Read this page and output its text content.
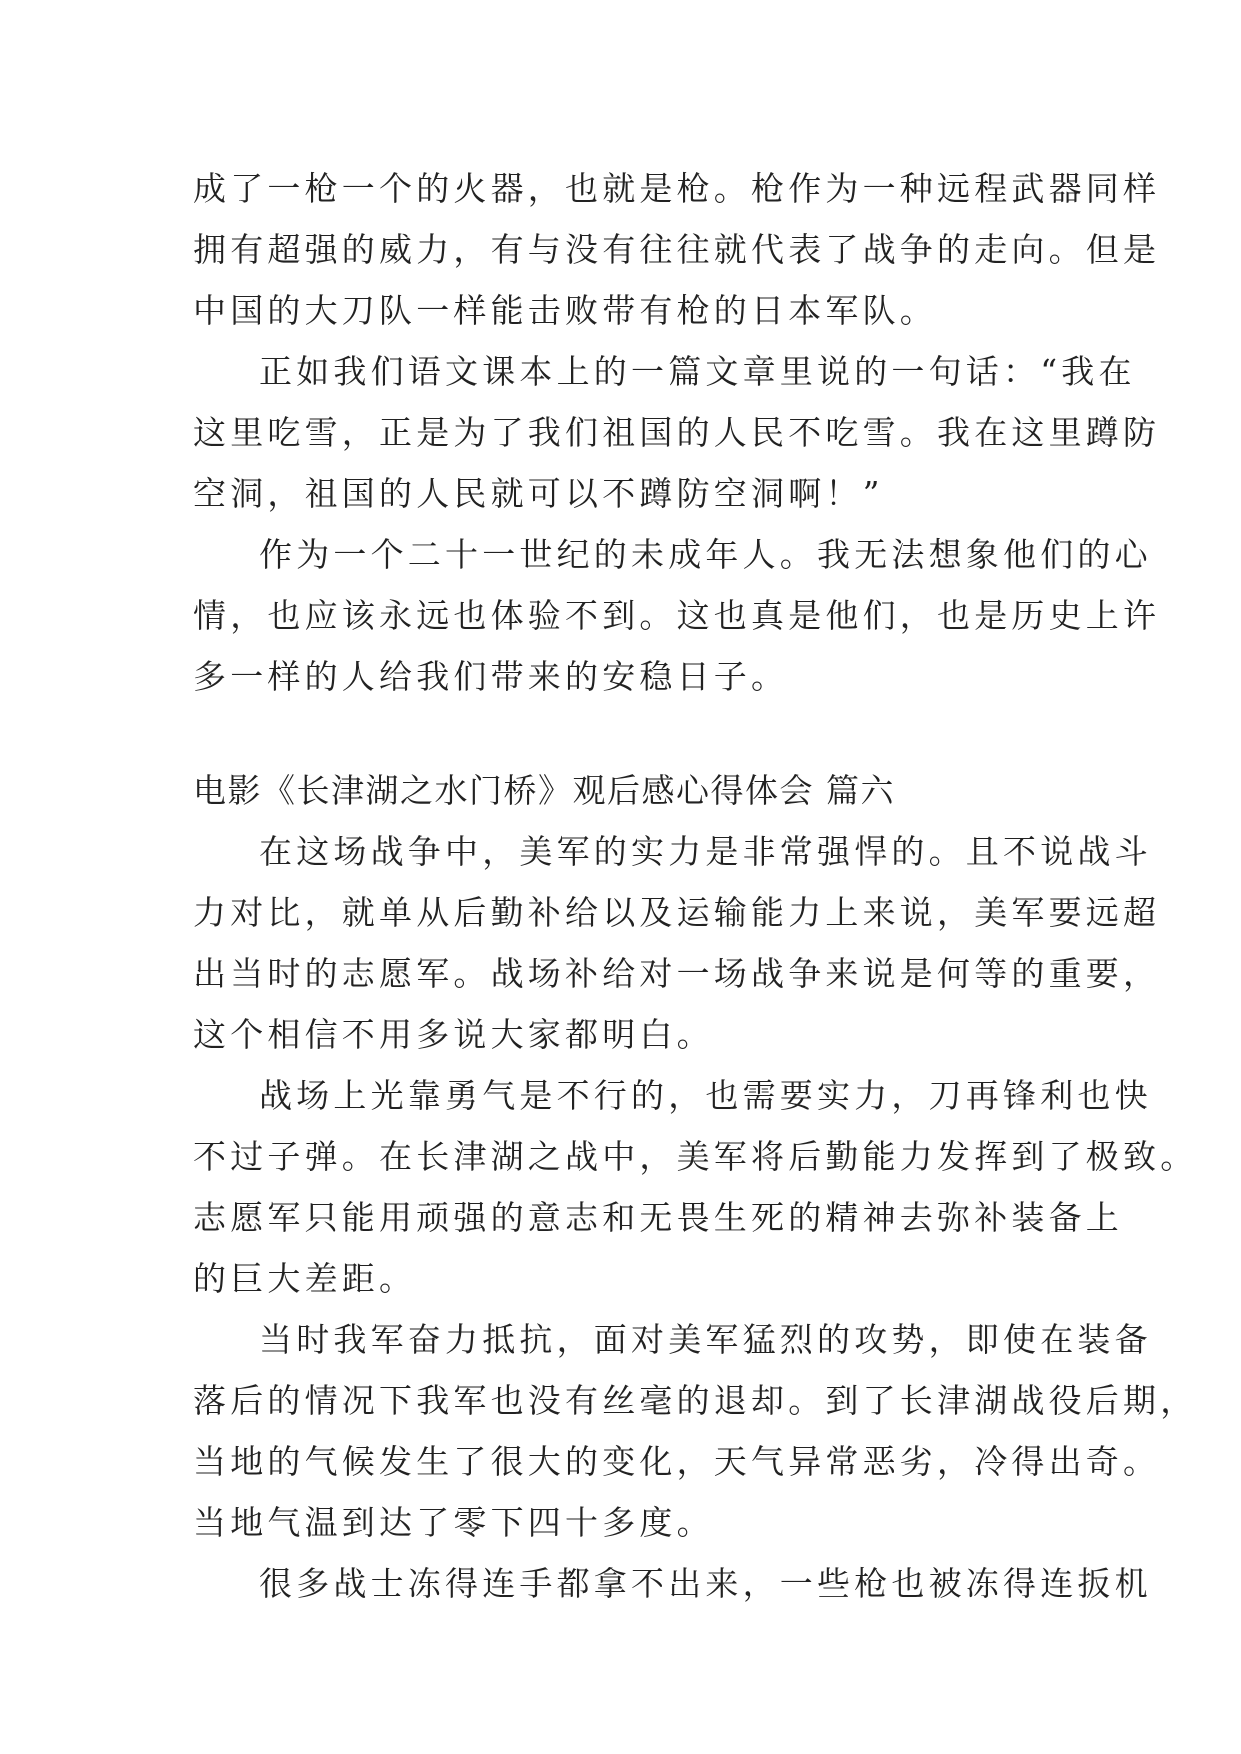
成了一枪一个的火器，也就是枪。枪作为一种远程武器同样
拥有超强的威力，有与没有往往就代表了战争的走向。但是
中国的大刀队一样能击败带有枪的日本军队。
正如我们语文课本上的一篇文章里说的一句话：“我在
这里吃雪，正是为了我们祖国的人民不吃雪。我在这里蹲防
空洞，祖国的人民就可以不蹲防空洞啊！”
作为一个二十一世纪的未成年人。我无法想象他们的心
情，也应该永远也体验不到。这也真是他们，也是历史上许
多一样的人给我们带来的安稳日子。
电影《长津湖之水门桥》观后感心得体会 篇六
在这场战争中，美军的实力是非常强悍的。且不说战斗
力对比，就单从后勤补给以及运输能力上来说，美军要远超
出当时的志愿军。战场补给对一场战争来说是何等的重要，
这个相信不用多说大家都明白。
战场上光靠勇气是不行的，也需要实力，刀再锋利也快
不过子弹。在长津湖之战中，美军将后勤能力发挥到了极致。
志愿军只能用顽强的意志和无畏生死的精神去弥补装备上
的巨大差距。
当时我军奋力抵抗，面对美军猛烈的攻势，即使在装备
落后的情况下我军也没有丝毫的退却。到了长津湖战役后期，
当地的气候发生了很大的变化，天气异常恶劣，冷得出奇。
当地气温到达了零下四十多度。
很多战士冻得连手都拿不出来，一些枪也被冻得连扳机
